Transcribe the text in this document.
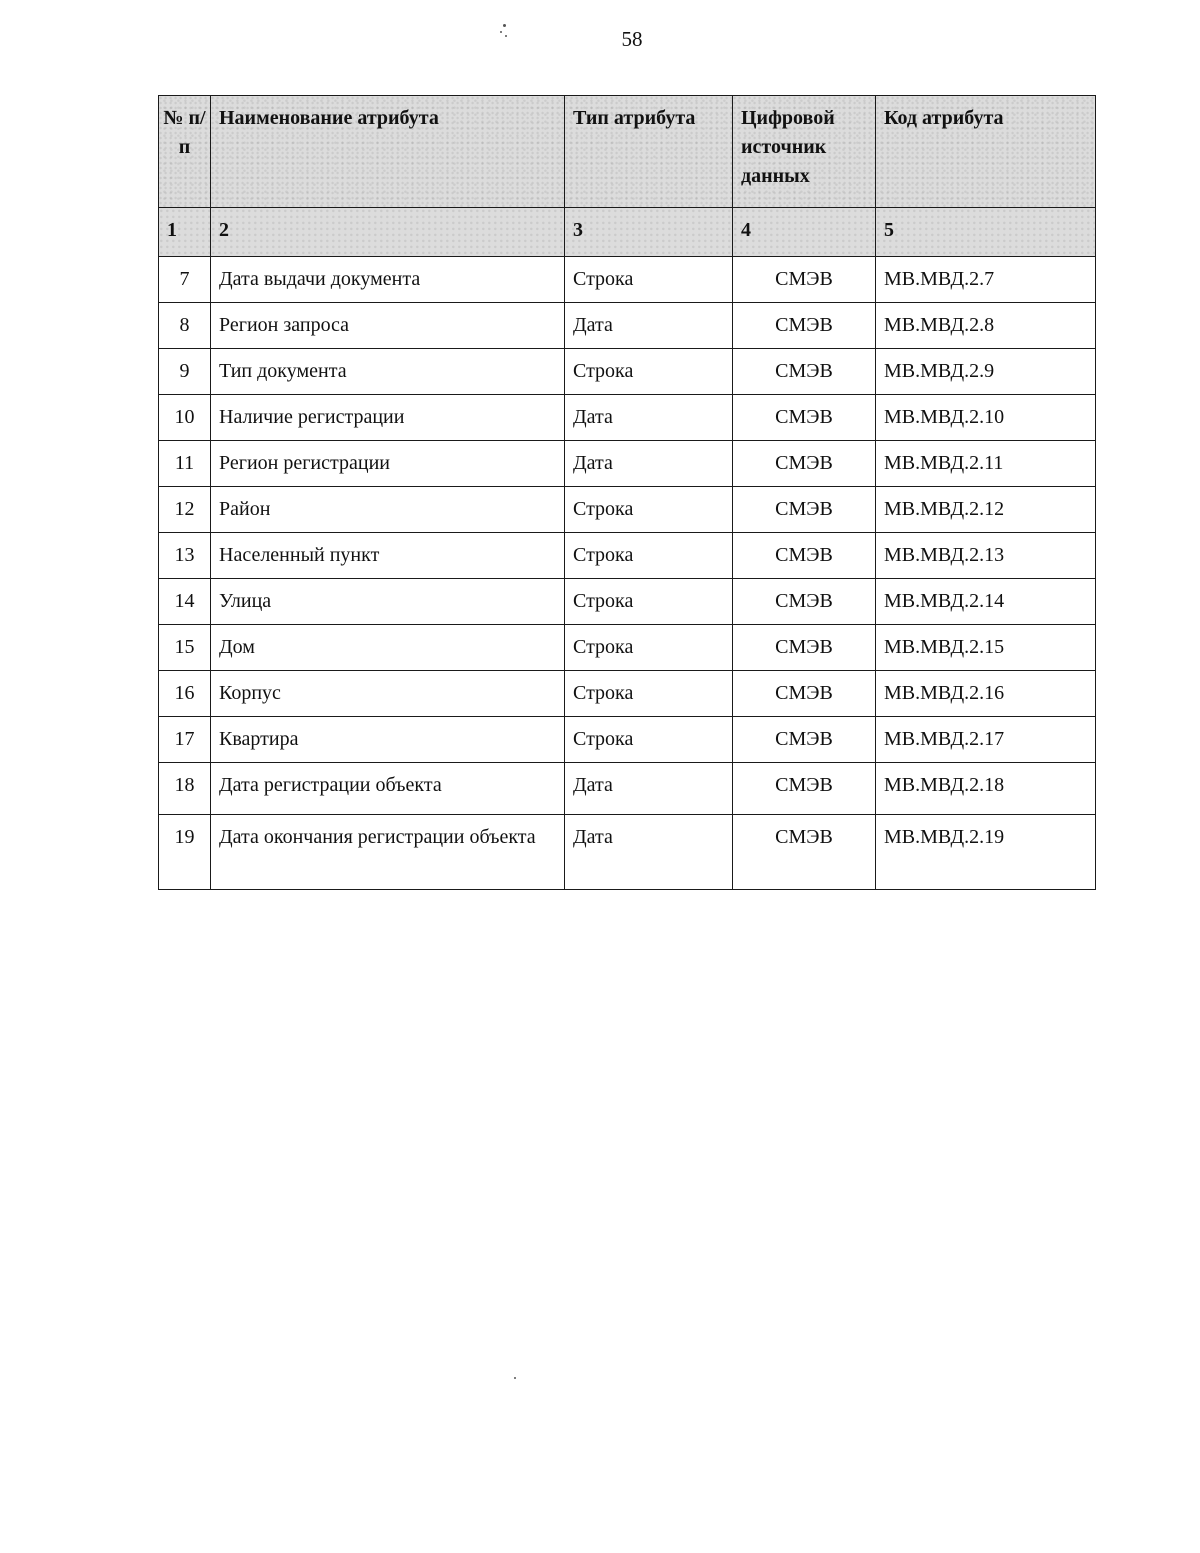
58
№ п/п	Наименование атрибута	Тип атрибута	Цифровой источник данных	Код атрибута
1	2	3	4	5
7	Дата выдачи документа	Строка	СМЭВ	МВ.МВД.2.7
8	Регион запроса	Дата	СМЭВ	МВ.МВД.2.8
9	Тип документа	Строка	СМЭВ	МВ.МВД.2.9
10	Наличие регистрации	Дата	СМЭВ	МВ.МВД.2.10
11	Регион регистрации	Дата	СМЭВ	МВ.МВД.2.11
12	Район	Строка	СМЭВ	МВ.МВД.2.12
13	Населенный пункт	Строка	СМЭВ	МВ.МВД.2.13
14	Улица	Строка	СМЭВ	МВ.МВД.2.14
15	Дом	Строка	СМЭВ	МВ.МВД.2.15
16	Корпус	Строка	СМЭВ	МВ.МВД.2.16
17	Квартира	Строка	СМЭВ	МВ.МВД.2.17
18	Дата регистрации объекта	Дата	СМЭВ	МВ.МВД.2.18
19	Дата окончания регистрации объекта	Дата	СМЭВ	МВ.МВД.2.19
